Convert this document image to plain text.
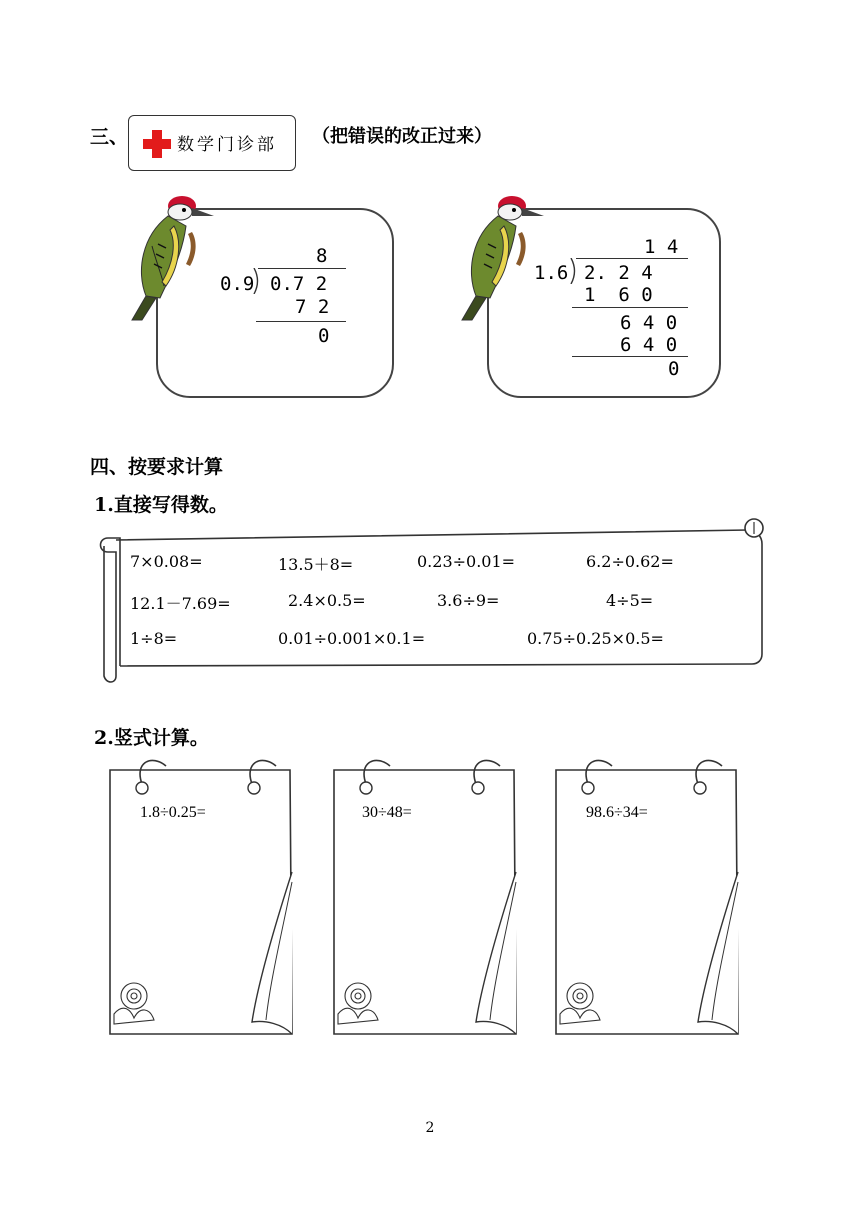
三、	数学门诊部 （把错误的改正过来）
8
0.9 0.7 2
7 2
0
1 4
1.6 2. 2 4
1  6 0
6 4 0
6 4 0
0
四、按要求计算
1.直接写得数。
7×0.08=	13.5＋8=	0.23÷0.01=	6.2÷0.62=
12.1－7.69=	2.4×0.5=	3.6÷9=	4÷5=
1÷8=	0.01÷0.001×0.1=	0.75÷0.25×0.5=
2.竖式计算。
1.8÷0.25=	30÷48=	98.6÷34=
2
